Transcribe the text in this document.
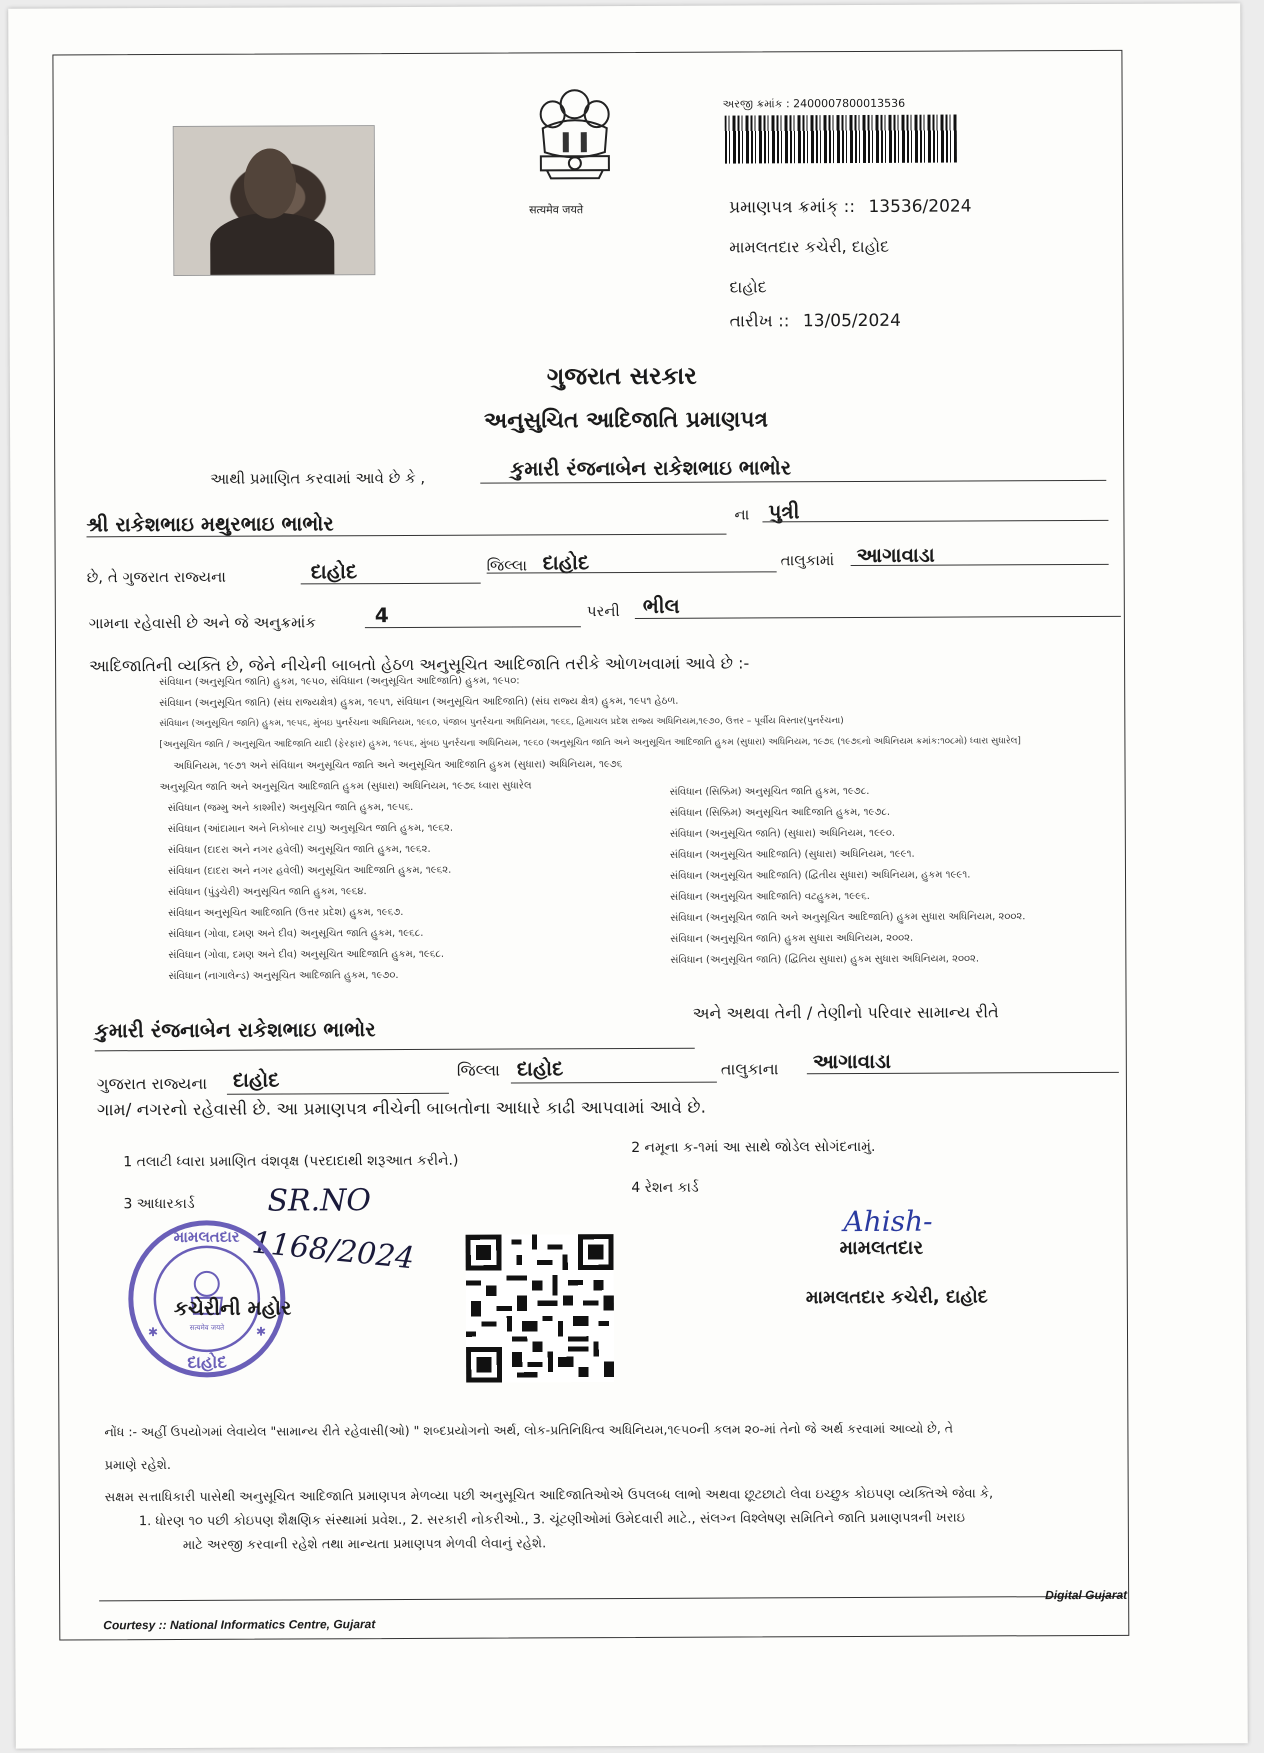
सत्यमेव जयते
અરજી ક્રમાંક : 2400007800013536
પ્રમાણપત્ર ક્રમાંક્ :: 13536/2024
મામલતદાર કચેરી, દાહોદ
દાહોદ
તારીખ :: 13/05/2024
ગુજરાત સરકાર
અનુસુચિત આદિજાતિ પ્રમાણપત્ર
આથી પ્રમાણિત કરવામાં આવે છે કે ,	કુમારી રંજનાબેન રાકેશભાઇ ભાભોર
શ્રી રાકેશભાઇ મથુરભાઇ ભાભોર	ના પુત્રી
છે, તે ગુજરાત રાજ્યના	દાહોદ	જિલ્લા દાહોદ	તાલુકામાં આગાવાડા
ગામના રહેવાસી છે અને જે અનુક્રમાંક	4	પરની ભીલ
આદિજાતિની વ્યક્તિ છે, જેને નીચેની બાબતો હેઠળ અનુસૂચિત આદિજાતિ તરીકે ઓળખવામાં આવે છે :-
સંવિધાન (અનુસૂચિત જાતિ) હુકમ, ૧૯૫૦, સંવિધાન (અનુસૂચિત આદિજાતિ) હુકમ, ૧૯૫૦:
સંવિધાન (અનુસૂચિત જાતિ) (સંઘ રાજ્યક્ષેત્ર) હુકમ, ૧૯૫૧, સંવિધાન (અનુસૂચિત આદિજાતિ) (સંઘ રાજ્ય ક્ષેત્ર) હુકમ, ૧૯૫૧ હેઠળ.
સંવિધાન (અનુસૂચિત જાતિ) હુકમ, ૧૯૫૬, મુંબઇ પુનર્રચના અધિનિયમ, ૧૯૬૦, પંજાબ પુનર્રચના અધિનિયમ, ૧૯૬૬, હિમાચલ પ્રદેશ રાજ્ય અધિનિયમ,૧૯૭૦, ઉત્તર – પૂર્વીય વિસ્તાર(પુનર્રચના)
[અનુસૂચિત જાતિ / અનુસૂચિત આદિજાતિ યાદી (ફેરફાર) હુકમ, ૧૯૫૬, મુંબઇ પુનર્રચના અધિનિયમ, ૧૯૬૦ (અનુસૂચિત જાતિ અને અનુસૂચિત આદિજાતિ હુકમ (સુધારા) અધિનિયમ, ૧૯૭૬ (૧૯૭૬નો અધિનિયમ ક્રમાંક:૧૦૮મો) ધ્વારા સુધારેલ]
અધિનિયમ, ૧૯૭૧ અને સંવિધાન અનુસૂચિત જાતિ અને અનુસૂચિત આદિજાતિ હુકમ (સુધારા) અધિનિયમ, ૧૯૭૬
અનુસૂચિત જાતિ અને અનુસૂચિત આદિજાતિ હુકમ (સુધારા) અધિનિયમ, ૧૯૭૬ ધ્વારા સુધારેલ
સંવિધાન (જમ્મુ અને કાશ્મીર) અનુસૂચિત જાતિ હુકમ, ૧૯૫૬.
સંવિધાન (આંદામાન અને નિકોબાર ટાપુ) અનુસૂચિત જાતિ હુકમ, ૧૯૬૨.
સંવિધાન (દાદરા અને નગર હવેલી) અનુસૂચિત જાતિ હુકમ, ૧૯૬૨.
સંવિધાન (દાદરા અને નગર હવેલી) અનુસૂચિત આદિજાતિ હુકમ, ૧૯૬૨.
સંવિધાન (પુંડુચેરી) અનુસૂચિત જાતિ હુકમ, ૧૯૬૪.
સંવિધાન અનુસૂચિત આદિજાતિ (ઉત્તર પ્રદેશ) હુકમ, ૧૯૬૭.
સંવિધાન (ગોવા, દમણ અને દીવ) અનુસૂચિત જાતિ હુકમ, ૧૯૬૮.
સંવિધાન (ગોવા, દમણ અને દીવ) અનુસૂચિત આદિજાતિ હુકમ, ૧૯૬૮.
સંવિધાન (નાગાલેન્ડ) અનુસૂચિત આદિજાતિ હુકમ, ૧૯૭૦.
સંવિધાન (સિક્કિમ) અનુસૂચિત જાતિ હુકમ, ૧૯૭૮.
સંવિધાન (સિક્કિમ) અનુસૂચિત આદિજાતિ હુકમ, ૧૯૭૮.
સંવિધાન (અનુસૂચિત જાતિ) (સુધારા) અધિનિયમ, ૧૯૯૦.
સંવિધાન (અનુસૂચિત આદિજાતિ) (સુધારા) અધિનિયમ, ૧૯૯૧.
સંવિધાન (અનુસૂચિત આદિજાતિ) (દ્વિતીય સુધારા) અધિનિયમ, હુકમ ૧૯૯૧.
સંવિધાન (અનુસૂચિત આદિજાતિ) વટહુકમ, ૧૯૯૬.
સંવિધાન (અનુસૂચિત જાતિ અને અનુસૂચિત આદિજાતિ) હુકમ સુધારા અધિનિયમ, ૨૦૦૨.
સંવિધાન (અનુસૂચિત જાતિ) હુકમ સુધારા અધિનિયમ, ૨૦૦૨.
સંવિધાન (અનુસૂચિત જાતિ) (દ્વિતિય સુધારા) હુકમ સુધારા અધિનિયમ, ૨૦૦૨.
કુમારી રંજનાબેન રાકેશભાઇ ભાભોર
અને અથવા તેની / તેણીનો પરિવાર સામાન્ય રીતે
ગુજરાત રાજ્યના દાહોદ	જિલ્લા દાહોદ	તાલુકાના આગાવાડા
ગામ/ નગરનો રહેવાસી છે. આ પ્રમાણપત્ર નીચેની બાબતોના આધારે કાઢી આપવામાં આવે છે.
1 તલાટી ધ્વારા પ્રમાણિત વંશવૃક્ષ (પરદાદાથી શરૂઆત કરીને.)
2 નમૂના ક-૧માં આ સાથે જોડેલ સોગંદનામું.
3 આધારકાર્ડ
4 રેશન કાર્ડ
SR.NO
1168/2024
મામલતદાર
सत्यमेव जयते
દાહોદ
✱	✱
કચેરીની મહોર
Ahish-
મામલતદાર
મામલતદાર કચેરી, દાહોદ
નોંધ :- અહીં ઉપયોગમાં લેવાયેલ "સામાન્ય રીતે રહેવાસી(ઓ) " શબ્દપ્રયોગનો અર્થ, લોક-પ્રતિનિધિત્વ અધિનિયમ,૧૯૫૦ની કલમ ૨૦-માં તેનો જે અર્થ કરવામાં આવ્યો છે, તે
પ્રમાણે રહેશે.
સક્ષમ સત્તાધિકારી પાસેથી અનુસૂચિત આદિજાતિ પ્રમાણપત્ર મેળવ્યા પછી અનુસૂચિત આદિજાતિઓએ ઉપલબ્ધ લાભો અથવા છૂટછાટો લેવા ઇચ્છુક કોઇપણ વ્યક્તિએ જેવા કે,
1. ધોરણ ૧૦ પછી કોઇપણ શૈક્ષણિક સંસ્થામાં પ્રવેશ., 2. સરકારી નોકરીઓ., 3. ચૂંટણીઓમાં ઉમેદવારી માટે., સંલગ્ન વિશ્લેષણ સમિતિને જાતિ પ્રમાણપત્રની ખરાઇ
માટે અરજી કરવાની રહેશે તથા માન્યતા પ્રમાણપત્ર મેળવી લેવાનું રહેશે.
Digital Gujarat
Courtesy :: National Informatics Centre, Gujarat
